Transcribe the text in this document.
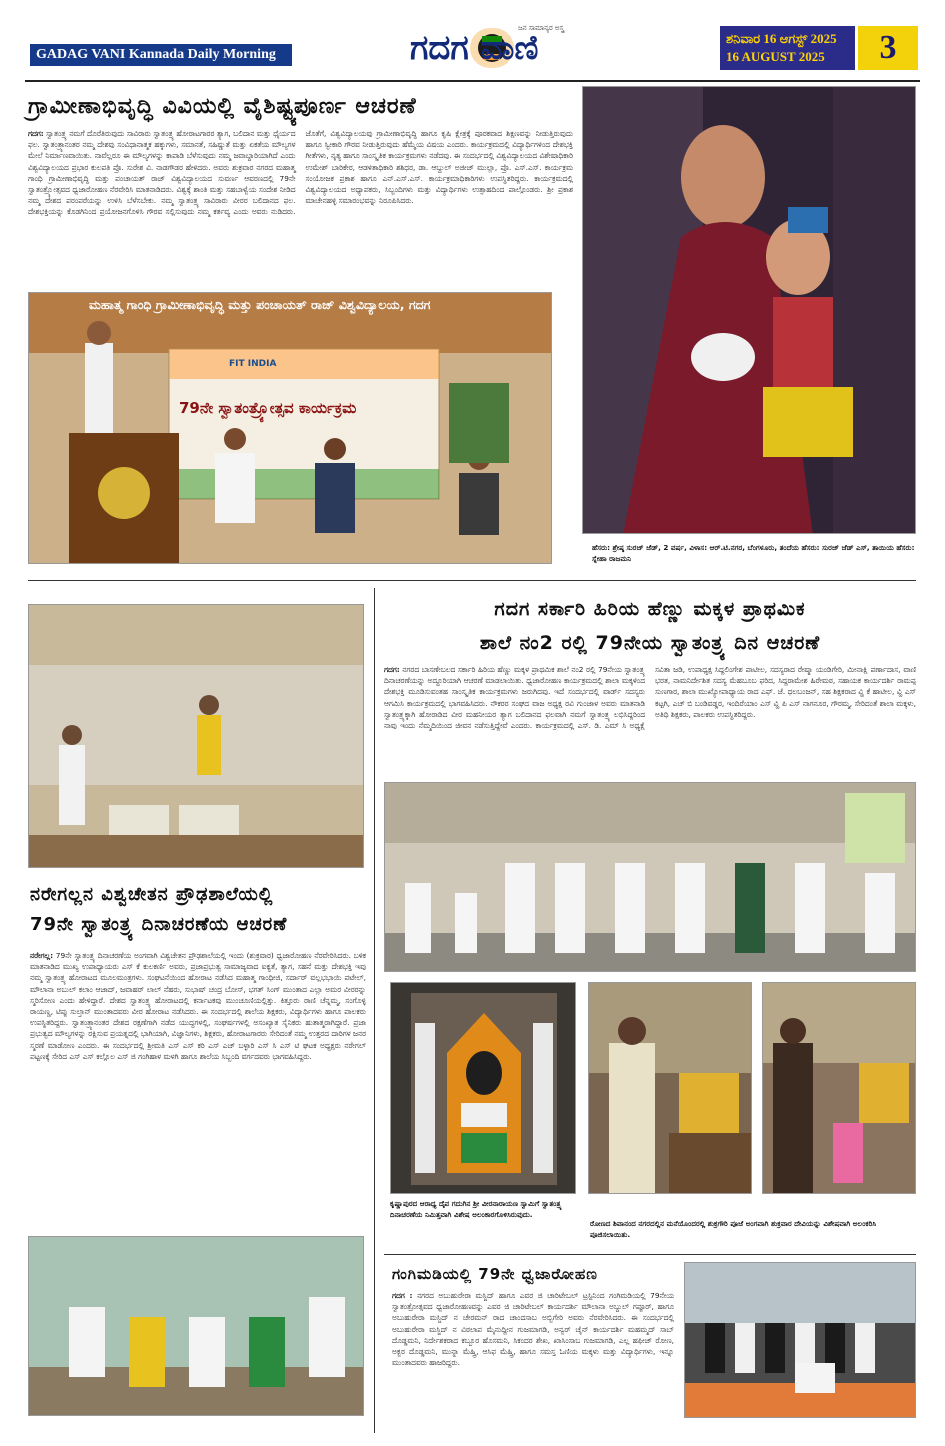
GADAG VANI Kannada Daily Morning	ಗದಗ ವಾಣಿ
ಜನ ಸಾಮಾನ್ಯರ ಅಸ್ತ್ರ
ಶನಿವಾರ 16 ಆಗಸ್ಟ್ 2025
16 AUGUST 2025	3
ಗ್ರಾಮೀಣಾಭಿವೃದ್ಧಿ ವಿವಿಯಲ್ಲಿ ವೈಶಿಷ್ಟ್ಯಪೂರ್ಣ ಆಚರಣೆ
ಗದಗ: ಸ್ವಾತಂತ್ರ್ಯ ನಮಗೆ ದೊರೆತಿರುವುದು ಸಾವಿರಾರು ಸ್ವಾತಂತ್ರ್ಯ ಹೋರಾಟಗಾರರ ತ್ಯಾಗ, ಬಲಿದಾನ ಮತ್ತು ಧೈರ್ಯದ ಫಲ. ಸ್ವಾತಂತ್ರ್ಯಾನಂತರ ನಮ್ಮ ದೇಶವು ಸಂವಿಧಾನಾತ್ಮಕ ಹಕ್ಕುಗಳು, ಸಮಾನತೆ, ಸಹಿಷ್ಣುತೆ ಮತ್ತು ಏಕತೆಯ ಮೌಲ್ಯಗಳ ಮೇಲೆ ನಿರ್ಮಾಣವಾಯಿತು. ನಾವೆಲ್ಲರೂ ಈ ಮೌಲ್ಯಗಳನ್ನು ಕಾಪಾಡಿ ಬೆಳೆಸುವುದು ನಮ್ಮ ಜವಾಬ್ದಾರಿಯಾಗಿದೆ ಎಂದು ವಿಶ್ವವಿದ್ಯಾಲಯದ ಪ್ರಭಾರ ಕುಲಪತಿ ಪ್ರೊ. ಸುರೇಶ ವಿ. ನಾಡಗೌಡರ ಹೇಳಿದರು. ಅವರು ಶುಕ್ರವಾರ ನಗರದ ಮಹಾತ್ಮ ಗಾಂಧಿ ಗ್ರಾಮೀಣಾಭಿವೃದ್ಧಿ ಮತ್ತು ಪಂಚಾಯತ್ ರಾಜ್ ವಿಶ್ವವಿದ್ಯಾಲಯದ ಸುವರ್ಣ ಆವರಣದಲ್ಲಿ 79ನೇ ಸ್ವಾತಂತ್ರ್ಯೋತ್ಸವದ ಧ್ವಜಾರೋಹಣ ನೆರವೇರಿಸಿ ಮಾತನಾಡಿದರು. ವಿಶ್ವಕ್ಕೆ ಶಾಂತಿ ಮತ್ತು ಸಹಬಾಳ್ವೆಯ ಸಂದೇಶ ನೀಡಿದ ನಮ್ಮ ದೇಶದ ಪರಂಪರೆಯನ್ನು ಉಳಿಸಿ ಬೆಳೆಸಬೇಕು. ನಮ್ಮ ಸ್ವಾತಂತ್ರ್ಯ ಸಾವಿರಾರು ವೀರರ ಬಲಿದಾನದ ಫಲ. ದೇಶಭಕ್ತಿಯನ್ನು ಕೊಡಗಿನಿಂದ ಪ್ರಯೋಜನಗೊಳಿಸಿ ಗೌರವ ಸಲ್ಲಿಸುವುದು ನಮ್ಮ ಕರ್ತವ್ಯ ಎಂದು ಅವರು ನುಡಿದರು. ಜೊತೆಗೆ, ವಿಶ್ವವಿದ್ಯಾಲಯವು ಗ್ರಾಮೀಣಾಭಿವೃದ್ಧಿ ಹಾಗೂ ಕೃಷಿ ಕ್ಷೇತ್ರಕ್ಕೆ ಪೂರಕವಾದ ಶಿಕ್ಷಣವನ್ನು ನೀಡುತ್ತಿರುವುದು ಹಾಗೂ ಸ್ವೀಕಾರಿ ಗೌರವ ನೀಡುತ್ತಿರುವುದು ಹೆಮ್ಮೆಯ ವಿಷಯ ಎಂದರು. ಕಾರ್ಯಕ್ರಮದಲ್ಲಿ ವಿದ್ಯಾರ್ಥಿಗಳಿಂದ ದೇಶಭಕ್ತಿ ಗೀತೆಗಳು, ನೃತ್ಯ ಹಾಗೂ ಸಾಂಸ್ಕೃತಿಕ ಕಾರ್ಯಕ್ರಮಗಳು ನಡೆದವು. ಈ ಸಂದರ್ಭದಲ್ಲಿ ವಿಶ್ವವಿದ್ಯಾಲಯದ ವಿಶೇಷಾಧಿಕಾರಿ ಉಮೇಶ್ ಬಾರಿಕೇರ, ಆಡಳಿತಾಧಿಕಾರಿ ಶಶಿಧರ, ಡಾ. ಆಬ್ದುಲ್ ಅಜೀಜ್ ಮುಲ್ಲಾ, ಪ್ರೊ. ಎಸ್.ಎಸ್. ಕಾರ್ಯಕ್ರಮ ಸಂಯೋಜಕ ಪ್ರಕಾಶ ಹಾಗೂ ಎನ್.ಎಸ್.ಎಸ್. ಕಾರ್ಯಕ್ರಮಾಧಿಕಾರಿಗಳು ಉಪಸ್ಥಿತರಿದ್ದರು. ಕಾರ್ಯಕ್ರಮದಲ್ಲಿ ವಿಶ್ವವಿದ್ಯಾಲಯದ ಅಧ್ಯಾಪಕರು, ಸಿಬ್ಬಂದಿಗಳು ಮತ್ತು ವಿದ್ಯಾರ್ಥಿಗಳು ಉತ್ಸಾಹದಿಂದ ಪಾಲ್ಗೊಂಡರು. ಶ್ರೀ ಪ್ರಕಾಶ ಮಾಚೇನಹಳ್ಳಿ ಸಮಾರಂಭವನ್ನು ನಿರೂಪಿಸಿದರು.
ಮಹಾತ್ಮ ಗಾಂಧಿ ಗ್ರಾಮೀಣಾಭಿವೃದ್ಧಿ ಮತ್ತು ಪಂಚಾಯತ್ ರಾಜ್ ವಿಶ್ವವಿದ್ಯಾಲಯ, ಗದಗ
FIT INDIA
79ನೇ ಸ್ವಾತಂತ್ರ್ಯೋತ್ಸವ ಕಾರ್ಯಕ್ರಮ
ಹೆಸರು: ಶ್ರೇಷ್ಠ ಸುರಜ್ ಜೆಡ್, 2 ವರ್ಷ, ವಿಳಾಸ: ಆರ್.ಟಿ.ನಗರ, ಬೆಂಗಳೂರು, ತಂದೆಯ ಹೆಸರು: ಸುರಜ್ ಜೆಡ್ ಎಸ್, ತಾಯಿಯ ಹೆಸರು: ಸ್ನೇಹಾ ರಾಜಮನಿ
ನರೇಗಲ್ಲನ ವಿಶ್ವಚೇತನ ಪ್ರೌಢಶಾಲೆಯಲ್ಲಿ
79ನೇ ಸ್ವಾತಂತ್ರ್ಯ ದಿನಾಚರಣೆಯ ಆಚರಣೆ
ನರೇಗಲ್ಲ: 79ನೇ ಸ್ವಾತಂತ್ರ್ಯ ದಿನಾಚರಣೆಯ ಅಂಗವಾಗಿ ವಿಶ್ವಚೇತನ ಪ್ರೌಢಶಾಲೆಯಲ್ಲಿ ಇಂದು (ಶುಕ್ರವಾರ) ಧ್ವಜಾರೋಹಣ ನೆರವೇರಿಸಿದರು. ಬಳಿಕ ಮಾತನಾಡಿದ ಮುಖ್ಯ ಉಪಾಧ್ಯಾಯರು ಎಸ್ ಕೆ ಕುಲಕರ್ಣಿ ಅವರು, ಪ್ರಜಾಪ್ರಭುತ್ವ ಸಾಮಾಜ್ಯವಾದ ಐಕ್ಯತೆ, ತ್ಯಾಗ, ಸಹನೆ ಮತ್ತು ದೇಶಭಕ್ತಿ ಇವು ನಮ್ಮ ಸ್ವಾತಂತ್ರ್ಯ ಹೋರಾಟದ ಮೂಲಮಂತ್ರಗಳು. ಸಂಘಟನೆಯಿಂದ ಹೋರಾಟ ನಡೆಸಿದ ಮಹಾತ್ಮ ಗಾಂಧೀಜಿ, ಸರ್ದಾರ್ ವಲ್ಲಭಭಾಯಿ ಪಟೇಲ್, ಮೌಲಾನಾ ಅಬುಲ್ ಕಲಾಂ ಆಜಾದ್, ಜವಾಹರ್ ಲಾಲ್ ನೆಹರು, ಸುಭಾಷ್ ಚಂದ್ರ ಬೋಸ್, ಭಗತ್ ಸಿಂಗ್ ಮುಂತಾದ ಎಲ್ಲಾ ಅಮರ ವೀರರನ್ನು ಸ್ಮರಿಸೋಣ ಎಂದು ಹೇಳಿದ್ದಾರೆ. ದೇಶದ ಸ್ವಾತಂತ್ರ್ಯ ಹೋರಾಟದಲ್ಲಿ ಕರ್ನಾಟಕವು ಮುಂಚೂಣಿಯಲ್ಲಿತ್ತು. ಕಿತ್ತೂರು ರಾಣಿ ಚೆನ್ನಮ್ಮ, ಸಂಗೊಳ್ಳಿ ರಾಯಣ್ಣ, ಟಿಪ್ಪು ಸುಲ್ತಾನ್ ಮುಂತಾದವರು ವೀರ ಹೋರಾಟ ನಡೆಸಿದರು. ಈ ಸಂದರ್ಭದಲ್ಲಿ ಶಾಲೆಯ ಶಿಕ್ಷಕರು, ವಿದ್ಯಾರ್ಥಿಗಳು ಹಾಗೂ ಪಾಲಕರು ಉಪಸ್ಥಿತರಿದ್ದರು. ಸ್ವಾತಂತ್ರ್ಯಾನಂತರ ದೇಶದ ರಕ್ಷಣೆಗಾಗಿ ನಡೆದ ಯುದ್ಧಗಳಲ್ಲಿ, ಸಂಘರ್ಷಗಳಲ್ಲಿ ಅಸಂಖ್ಯಾತ ಸೈನಿಕರು ಹುತಾತ್ಮರಾಗಿದ್ದಾರೆ. ಪ್ರಜಾ ಪ್ರಭುತ್ವದ ಮೌಲ್ಯಗಳನ್ನು ರಕ್ಷಿಸುವ ಪ್ರಯತ್ನದಲ್ಲಿ ಭಾಗಿಯಾಗಿ, ವಿಜ್ಞಾನಿಗಳು, ಶಿಕ್ಷಕರು, ಹೋರಾಟಗಾರರು ಸೇರಿದಂತೆ ನಮ್ಮ ಉತ್ತರದ ದಾರಿಗಳ ಜನರ ಸ್ಮರಣೆ ಮಾಡೋಣ ಎಂದರು. ಈ ಸಂದರ್ಭದಲ್ಲಿ ಶ್ರೀಮತಿ ಎಸ್ ಎಸ್ ಕರಿ ಎಸ್ ಎಚ್ ಬಳ್ಳಾರಿ ಎಸ್ ಸಿ ಎಸ್ ಟಿ ಘಟಕ ಅಧ್ಯಕ್ಷರು ನರೇಗಲ್ ಪಟ್ಟಣಕ್ಕೆ ಸೇರಿದ ಎಸ್ ಎಸ್ ಕಲ್ಲೊಲ ಎಸ್ ಜಿ ಗಂಗಿಹಾಳ ಮಳಗಿ ಹಾಗೂ ಶಾಲೆಯ ಸಿಬ್ಬಂದಿ ವರ್ಗದವರು ಭಾಗವಹಿಸಿದ್ದರು.
ಗದಗ ಸರ್ಕಾರಿ ಹಿರಿಯ ಹೆಣ್ಣು ಮಕ್ಕಳ ಪ್ರಾಥಮಿಕ
ಶಾಲೆ ನಂ2 ರಲ್ಲಿ 79ನೇಯ ಸ್ವಾತಂತ್ರ್ಯ ದಿನ ಆಚರಣೆ
ಗದಗ: ನಗರದ ಬಾಸಣೇಬಲದ ಸರ್ಕಾರಿ ಹಿರಿಯ ಹೆಣ್ಣು ಮಕ್ಕಳ ಪ್ರಾಥಮಿಕ ಶಾಲೆ ನಂ2 ರಲ್ಲಿ 79ನೇಯ ಸ್ವಾತಂತ್ರ್ಯ ದಿನಾಚರಣೆಯನ್ನು ಅದ್ದೂರಿಯಾಗಿ ಆಚರಣೆ ಮಾಡಲಾಯಿತು. ಧ್ವಜಾರೋಹಣ ಕಾರ್ಯಕ್ರಮದಲ್ಲಿ ಶಾಲಾ ಮಕ್ಕಳಿಂದ ದೇಶಭಕ್ತಿ ಮೂಡಿಸುವಂತಹ ಸಾಂಸ್ಕೃತಿಕ ಕಾರ್ಯಕ್ರಮಗಳು ಜರುಗಿದವು. ಇದೆ ಸಂದರ್ಭದಲ್ಲಿ ವಾರ್ಡ್ ಸದಸ್ಯರು ಆಗಮಿಸಿ ಕಾರ್ಯಕ್ರಮದಲ್ಲಿ ಭಾಗವಹಿಸಿದರು. ನೌಕರರ ಸಂಘದ ವಾಜ ಅಧ್ಯಕ್ಷ ರವಿ ಗುಂಜಾಳ ಅವರು ಮಾತನಾಡಿ ಸ್ವಾತಂತ್ರ್ಯಕ್ಕಾಗಿ ಹೋರಾಡಿದ ವೀರ ಮಹನೀಯರ ತ್ಯಾಗ ಬಲಿದಾನದ ಫಲವಾಗಿ ನಮಗೆ ಸ್ವಾತಂತ್ರ್ಯ ಲಭಿಸಿದ್ದರಿಂದ ನಾವು ಇಂದು ನೆಮ್ಮದಿಯಿಂದ ಜೀವನ ನಡೆಸುತ್ತಿದ್ದೇವೆ ಎಂದರು. ಕಾರ್ಯಕ್ರಮದಲ್ಲಿ ಎಸ್. ಡಿ. ಎಮ್ ಸಿ ಅಧ್ಯಕ್ಷೆ ಸವಿತಾ ಜಡಿ, ಉಪಾಧ್ಯಕ್ಷ ಸಿದ್ದಲಿಂಗೇಶ ಪಾಟೀಲ, ಸದಸ್ಯರಾದ ರೇಷ್ಮಾ ಯಂಡಿಗೇರಿ, ಮೀನಾಕ್ಷಿ ಪರ್ಣಾದಾಸ, ವಾಣಿ ಭರತ, ನಾಮನಿರ್ದೇಶಿತ ಸದಸ್ಯ ಮೆಹಬೂಬ ಫರಿದ, ಸಿದ್ದರಾಮೇಶ ಹಿರೇಮಠ, ಸಹಾಯಕ ಕಾರ್ಯದರ್ಶಿ ರಾಮಪ್ಪ ಸುಣಗಾರ, ಶಾಲಾ ಮುಖ್ಯೋಪಾಧ್ಯಾಯ ರಾದ ಎಫ್. ಜೆ. ಧಲಬಂಜನ್, ಸಹ ಶಿಕ್ಷಕರಾದ ವ್ಹಿ ಕೆ ಹಾಟೀಲ, ವ್ಹಿ ಎಸ್ ಕಟ್ಟಗಿ, ಎಚ್ ಬಿ ಬಂಡಿವಡ್ಡರ, ಇಂದಿರೆಯಾಂ ಎಸ್ ವ್ಹಿ ಪಿ ಎಸ್ ನಾಗನೂರ, ಗೌರಮ್ಮ, ಸೇರಿದಂತೆ ಶಾಲಾ ಮಕ್ಕಳು, ಅತಿಥಿ ಶಿಕ್ಷಕರು, ಪಾಲಕರು ಉಪಸ್ಥಿತರಿದ್ದರು.
ಕೃಷ್ಣಾಪುರದ ಆರಾಧ್ಯ ದೈವ ಗದುಗಿನ ಶ್ರೀ ವೀರನಾರಾಯಣ ಸ್ವಾಮಿಗೆ ಸ್ವಾತಂತ್ರ್ಯ ದಿನಾಚರಣೆಯ ನಿಮಿತ್ತವಾಗಿ ವಿಶೇಷ ಅಲಂಕಾರಗೊಳಿಸಿರುವುದು.
ರೋಣದ ಶಿವಾನಂದ ನಗರದಲ್ಲಿನ ಮನೆಯೊಂದರಲ್ಲಿ ಶುಕ್ರಗೌರಿ ಪೂಜೆ ಅಂಗವಾಗಿ ಶುಕ್ರವಾರ ದೇವಿಯನ್ನು ವಿಶೇಷವಾಗಿ ಅಲಂಕರಿಸಿ ಪೂಜಿಸಲಾಯಿತು.
ಗಂಗಿಮಡಿಯಲ್ಲಿ 79ನೇ ಧ್ವಜಾರೋಹಣ
ಗದಗ : ನಗರದ ಅಬುಹುರೇರಾ ಮಸ್ಜಿದ್ ಹಾಗೂ ಎವರ ಜಿ ಚಾರಿಟೇಬಲ್ ಟ್ರಸ್ಟಿನಿಂದ ಗಂಗಿಮಡಿಯಲ್ಲಿ 79ನೇಯ ಸ್ವಾತಂತ್ರೋತ್ಸವದ ಧ್ವಜಾರೋಹಣವನ್ನು ಎವರ ಜಿ ಚಾರಿಟೇಬಲ್ ಕಾರ್ಯದರ್ಶಿ ಮೌಲಾನಾ ಅಬ್ದುಲ್ ಗಪ್ಪೂರ್, ಹಾಗೂ ಅಬುಹುರೇರಾ ಮಸ್ಜಿದ್ ನ ಚೇರಮನ್ ರಾದ ಚಾಂದಸಾಬ ಅಬ್ಬಿಗೇರಿ ಅವರು ನೆರವೇರಿಸಿದರು. ಈ ಸಂದರ್ಭದಲ್ಲಿ ಅಬುಹುರೇರಾ ಮಸ್ಜಿದ್ ನ ವಿಠಲಾಪ ಮೈನುದ್ದೀನ ಗುಜಮಾಗಡಿ, ಅನ್ವರ್ ಚೈನ್ ಕಾರ್ಯದರ್ಶಿ ಮಹಮ್ಮದ್ ಸಾಬ್ ದೊಡ್ಡಮನಿ, ನಿರ್ದೇಶಕರಾದ ಕಬ್ಬೂರ ಹೊಸಮನಿ, ಸಿಕಂದರ ಶೇಖ, ಖಾಸಿಂಸಾಬ ಗುಜಮಾಗಡಿ, ಎಲ್ಲ ಹಫೀಜ್ ರೋಣ, ಅಕ್ಬರ ದೊಡ್ಡಮನಿ, ಮುನ್ನಾ ಮೆಹ್ತ್ರಿ, ಆಸಿಫ ಮೆಹ್ತ್ರಿ, ಹಾಗೂ ಸಮಸ್ತ ಓಣಿಯ ಮಕ್ಕಳು ಮತ್ತು ವಿದ್ಯಾರ್ಥಿಗಳು, ಇನ್ನೂ ಮುಂತಾದವರು ಹಾಜರಿದ್ದರು.
